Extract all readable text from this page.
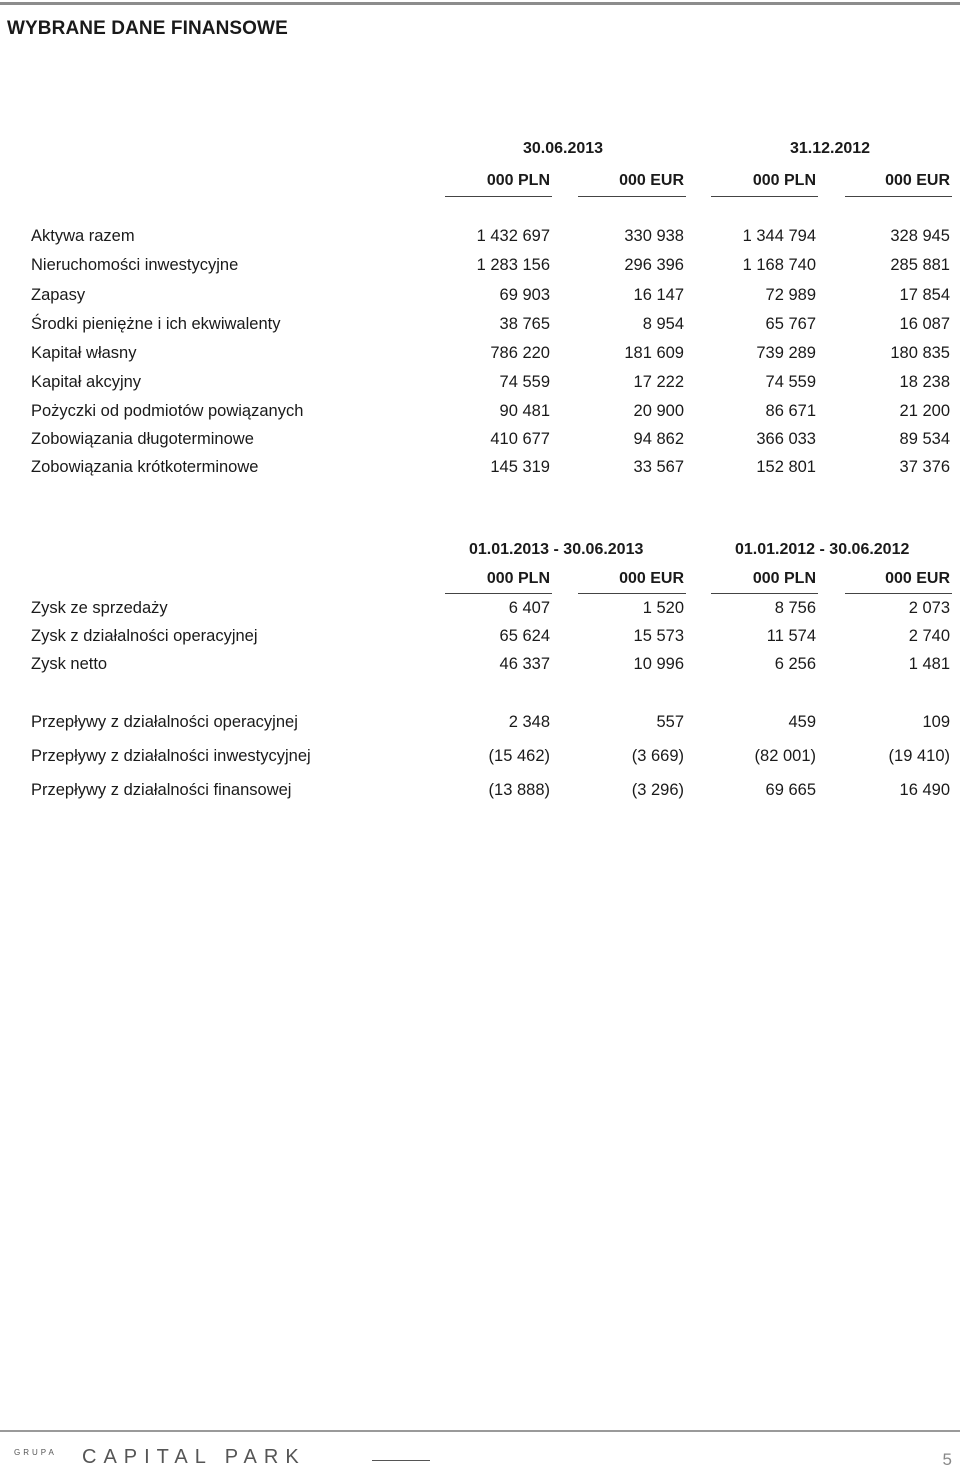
WYBRANE DANE FINANSOWE
30.06.2013	31.12.2012
000 PLN	000 EUR	000 PLN	000 EUR
Aktywa razem	1 432 697	330 938	1 344 794	328 945
Nieruchomości inwestycyjne	1 283 156	296 396	1 168 740	285 881
Zapasy	69 903	16 147	72 989	17 854
Środki pieniężne i ich ekwiwalenty	38 765	8 954	65 767	16 087
Kapitał własny	786 220	181 609	739 289	180 835
Kapitał akcyjny	74 559	17 222	74 559	18 238
Pożyczki od podmiotów powiązanych	90 481	20 900	86 671	21 200
Zobowiązania długoterminowe	410 677	94 862	366 033	89 534
Zobowiązania krótkoterminowe	145 319	33 567	152 801	37 376
01.01.2013 - 30.06.2013	01.01.2012 - 30.06.2012
000 PLN	000 EUR	000 PLN	000 EUR
Zysk ze sprzedaży	6 407	1 520	8 756	2 073
Zysk z działalności operacyjnej	65 624	15 573	11 574	2 740
Zysk netto	46 337	10 996	6 256	1 481
Przepływy z działalności operacyjnej	2 348	557	459	109
Przepływy z działalności inwestycyjnej	(15 462)	(3 669)	(82 001)	(19 410)
Przepływy z działalności finansowej	(13 888)	(3 296)	69 665	16 490
GRUPA CAPITAL PARK	5
